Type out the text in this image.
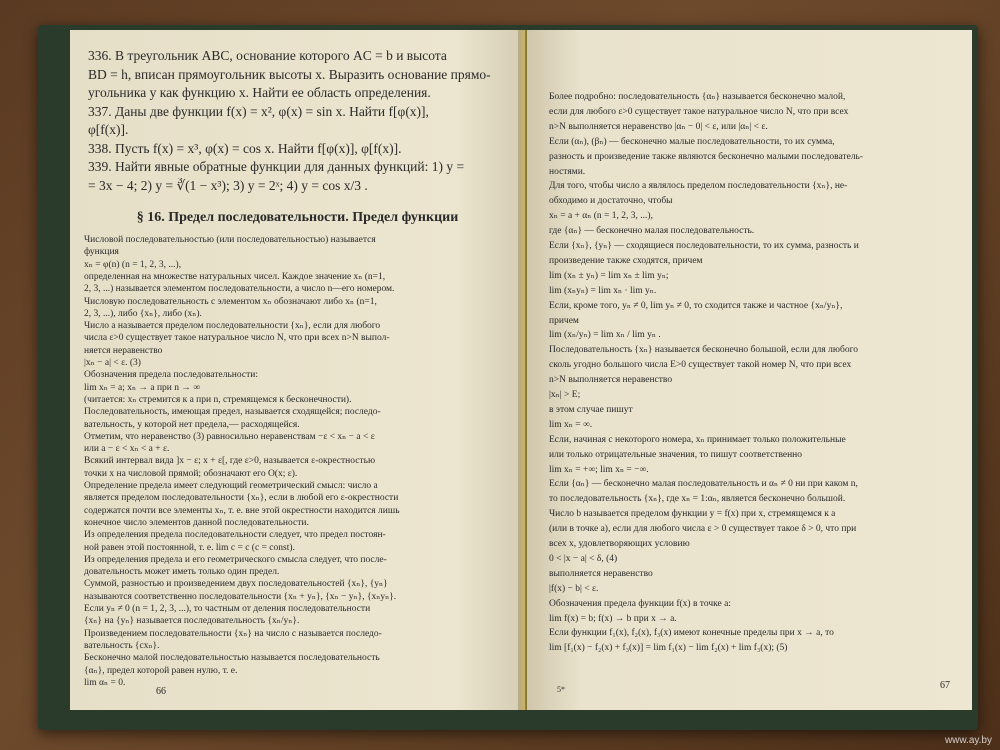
336. В треугольник ABC, основание которого AC = b и высота
BD = h, вписан прямоугольник высоты x. Выразить основание прямо-
угольника y как функцию x. Найти ее область определения.
337. Даны две функции f(x) = x², φ(x) = sin x. Найти f[φ(x)],
φ[f(x)].
338. Пусть f(x) = x³, φ(x) = cos x. Найти f[φ(x)], φ[f(x)].
339. Найти явные обратные функции для данных функций: 1) y =
= 3x − 4; 2) y = ∛(1 − x³); 3) y = 2ˣ; 4) y = cos x/3 .
§ 16. Предел последовательности. Предел функции
Числовой последовательностью (или последовательностью) называется
функция
xₙ = φ(n) (n = 1, 2, 3, ...),
определенная на множестве натуральных чисел. Каждое значение xₙ (n=1,
2, 3, ...) называется элементом последовательности, а число n—его номером.
Числовую последовательность с элементом xₙ обозначают либо xₙ (n=1,
2, 3, ...), либо {xₙ}, либо (xₙ).
Число a называется пределом последовательности {xₙ}, если для любого
числа ε>0 существует такое натуральное число N, что при всех n>N выпол-
няется неравенство
|xₙ − a| < ε. (3)
Обозначения предела последовательности:
lim xₙ = a; xₙ → a при n → ∞
(читается: xₙ стремится к a при n, стремящемся к бесконечности).
Последовательность, имеющая предел, называется сходящейся; последо-
вательность, у которой нет предела,— расходящейся.
Отметим, что неравенство (3) равносильно неравенствам −ε < xₙ − a < ε
или a − ε < xₙ < a + ε.
Всякий интервал вида ]x − ε; x + ε[, где ε>0, называется ε-окрестностью
точки x на числовой прямой; обозначают его O(x; ε).
Определение предела имеет следующий геометрический смысл: число a
является пределом последовательности {xₙ}, если в любой его ε-окрестности
содержатся почти все элементы xₙ, т. е. вне этой окрестности находится лишь
конечное число элементов данной последовательности.
Из определения предела последовательности следует, что предел постоян-
ной равен этой постоянной, т. е. lim c = c (c = const).
Из определения предела и его геометрического смысла следует, что после-
довательность может иметь только один предел.
Суммой, разностью и произведением двух последовательностей {xₙ}, {yₙ}
называются соответственно последовательности {xₙ + yₙ}, {xₙ − yₙ}, {xₙyₙ}.
Если yₙ ≠ 0 (n = 1, 2, 3, ...), то частным от деления последовательности
{xₙ} на {yₙ} называется последовательность {xₙ/yₙ}.
Произведением последовательности {xₙ} на число c называется последо-
вательность {cxₙ}.
Бесконечно малой последовательностью называется последовательность
{αₙ}, предел которой равен нулю, т. е.
lim αₙ = 0.
66
Более подробно: последовательность {αₙ} называется бесконечно малой,
если для любого ε>0 существует такое натуральное число N, что при всех
n>N выполняется неравенство |αₙ − 0| < ε, или |αₙ| < ε.
Если (αₙ), (βₙ) — бесконечно малые последовательности, то их сумма,
разность и произведение также являются бесконечно малыми последователь-
ностями.
Для того, чтобы число a являлось пределом последовательности {xₙ}, не-
обходимо и достаточно, чтобы
xₙ = a + αₙ (n = 1, 2, 3, ...),
где {αₙ} — бесконечно малая последовательность.
Если {xₙ}, {yₙ} — сходящиеся последовательности, то их сумма, разность и
произведение также сходятся, причем
lim (xₙ ± yₙ) = lim xₙ ± lim yₙ;
lim (xₙyₙ) = lim xₙ · lim yₙ.
Если, кроме того, yₙ ≠ 0, lim yₙ ≠ 0, то сходится также и частное {xₙ/yₙ},
причем
lim (xₙ/yₙ) = lim xₙ / lim yₙ .
Последовательность {xₙ} называется бесконечно большой, если для любого
сколь угодно большого числа E>0 существует такой номер N, что при всех
n>N выполняется неравенство
|xₙ| > E;
в этом случае пишут
lim xₙ = ∞.
Если, начиная с некоторого номера, xₙ принимает только положительные
или только отрицательные значения, то пишут соответственно
lim xₙ = +∞; lim xₙ = −∞.
Если {αₙ} — бесконечно малая последовательность и αₙ ≠ 0 ни при каком n,
то последовательность {xₙ}, где xₙ = 1:αₙ, является бесконечно большой.
Число b называется пределом функции y = f(x) при x, стремящемся к a
(или в точке a), если для любого числа ε > 0 существует такое δ > 0, что при
всех x, удовлетворяющих условию
0 < |x − a| < δ, (4)
выполняется неравенство
|f(x) − b| < ε.
Обозначения предела функции f(x) в точке a:
lim f(x) = b; f(x) → b при x → a.
Если функции f₁(x), f₂(x), f₃(x) имеют конечные пределы при x → a, то
lim [f₁(x) − f₂(x) + f₃(x)] = lim f₁(x) − lim f₂(x) + lim f₃(x); (5)
5*	67
www.ay.by
